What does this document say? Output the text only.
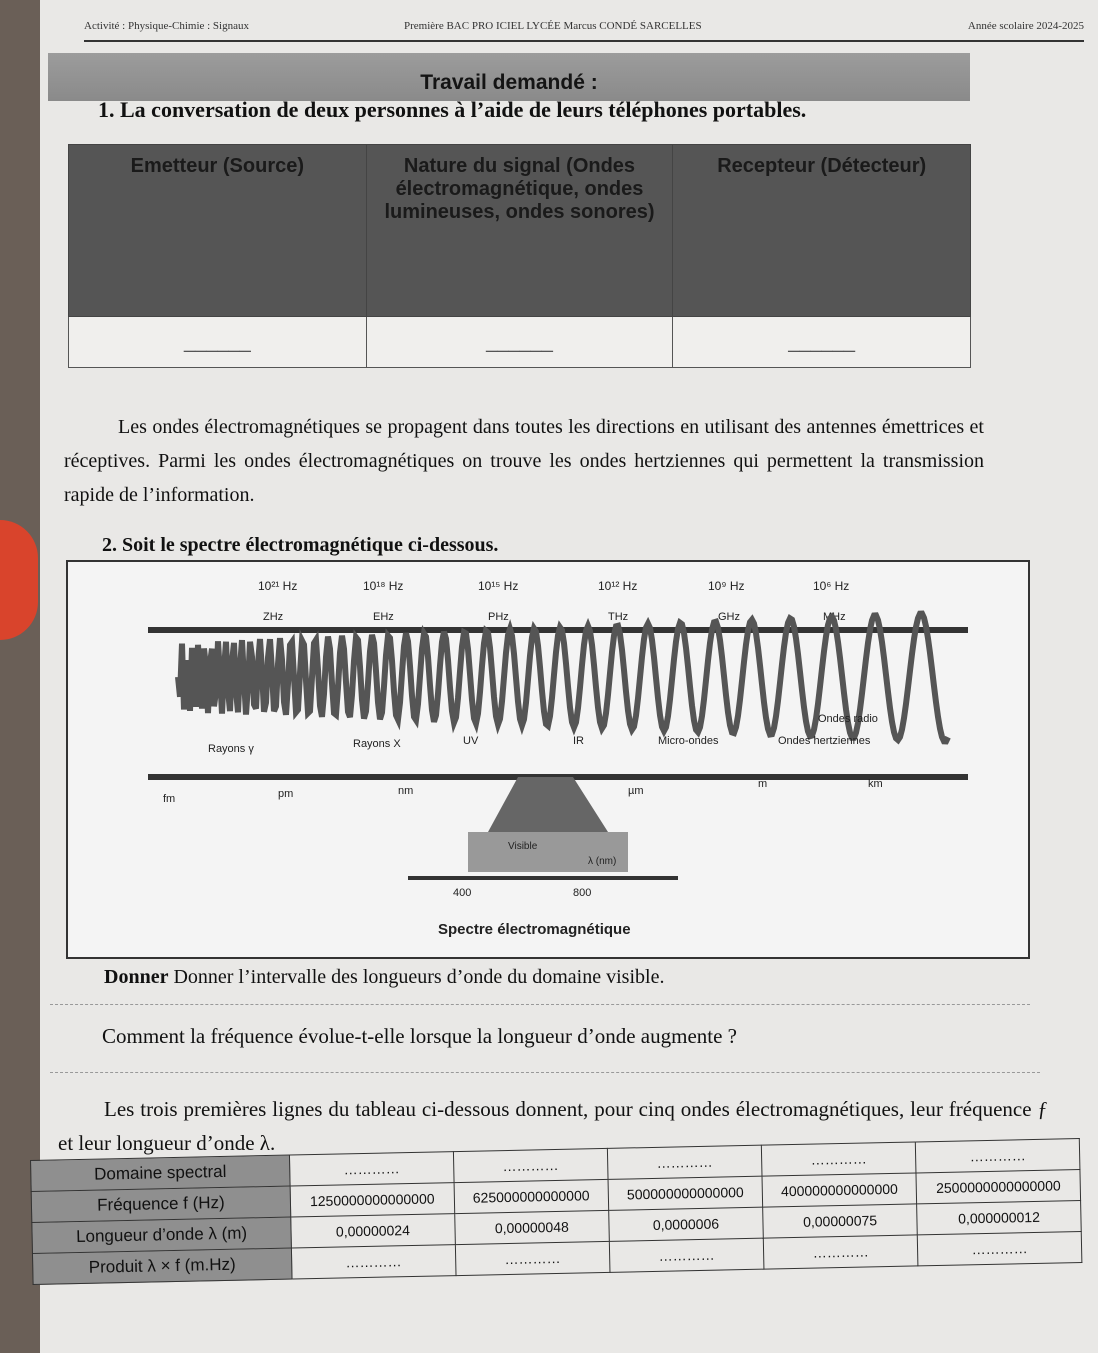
Activité : Physique-Chimie : Signaux	Première BAC PRO ICIEL LYCÉE Marcus CONDÉ SARCELLES	Année scolaire 2024-2025
Travail demandé :
1. La conversation de deux personnes à l’aide de leurs téléphones portables.
Emetteur (Source)	Nature du signal (Ondes électromagnétique, ondes lumineuses, ondes sonores)	Recepteur (Détecteur)
______	______	______
Les ondes électromagnétiques se propagent dans toutes les directions en utilisant des antennes émettrices et réceptives. Parmi les ondes électromagnétiques on trouve les ondes hertziennes qui permettent la transmission rapide de l’information.
2. Soit le spectre électromagnétique ci-dessous.
10²¹ Hz	10¹⁸ Hz	10¹⁵ Hz	10¹² Hz	10⁹ Hz	10⁶ Hz
ZHz	EHz	PHz	THz	GHz	MHz
Rayons γ	Rayons X	UV	IR	Micro-ondes
Ondes radio
Ondes hertziennes
fm	pm	nm	µm
m	km
Visible
λ (nm)
400	800
Spectre électromagnétique
Donner Donner l’intervalle des longueurs d’onde du domaine visible.
Comment la fréquence évolue-t-elle lorsque la longueur d’onde augmente ?
Les trois premières lignes du tableau ci-dessous donnent, pour cinq ondes électromagnétiques, leur fréquence ƒ et leur longueur d’onde λ.
Domaine spectral	…………	…………	…………	…………	…………
Fréquence f (Hz)	1250000000000000	625000000000000	500000000000000	400000000000000	2500000000000000
Longueur d’onde λ (m)	0,00000024	0,00000048	0,0000006	0,00000075	0,000000012
Produit λ × f (m.Hz)	…………	…………	…………	…………	…………
